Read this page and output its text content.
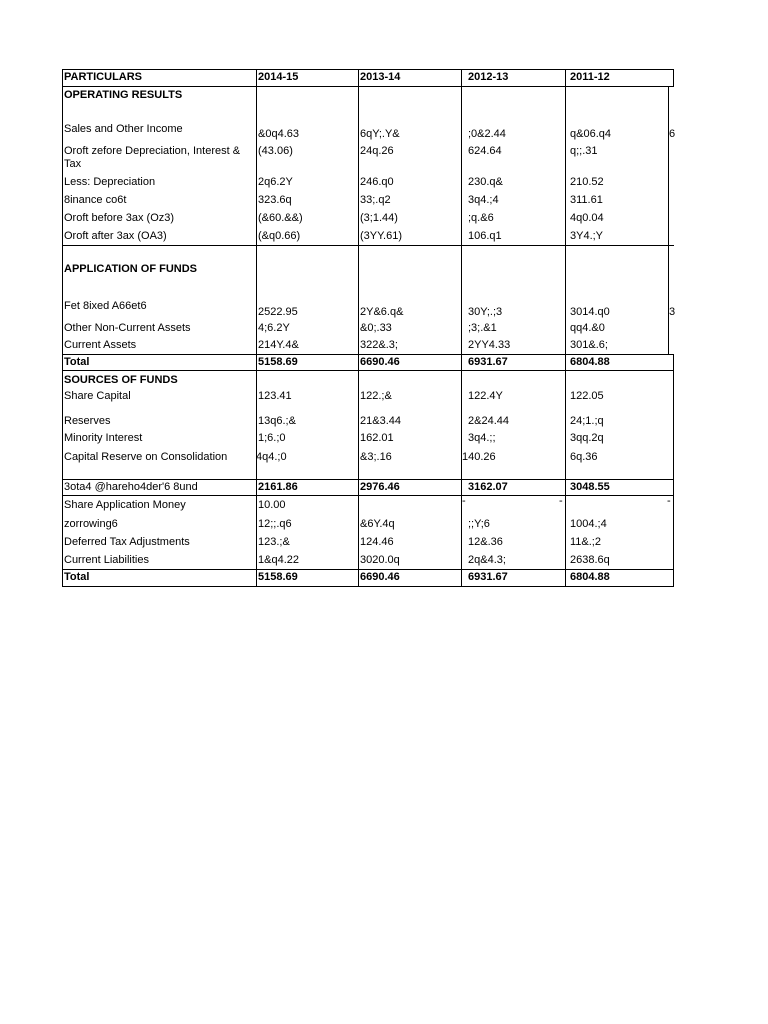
PARTICULARS	2014-15	2013-14	2012-13	2011-12
OPERATING RESULTS
Sales and Other Income	&0q4.63	6qY;.Y&	;0&2.44	q&06.q4	6
Oroft zefore Depreciation, Interest & Tax
(43.06)	24q.26	624.64	q;;.31
Less: Depreciation	2q6.2Y	246.q0	230.q&	210.52
8inance co6t	323.6q	33;.q2	3q4.;4	311.61
Oroft before 3ax (Oz3)	(&60.&&)	(3;1.44)	;q.&6	4q0.04
Oroft after 3ax (OA3)	(&q0.66)	(3YY.61)	106.q1	3Y4.;Y
APPLICATION OF FUNDS
Fet 8ixed A66et6	2522.95	2Y&6.q&	30Y;.;3	3014.q0	3
Other Non-Current Assets	4;6.2Y	&0;.33	;3;.&1	qq4.&0
Current Assets	214Y.4&	322&.3;	2YY4.33	301&.6;
Total	5158.69	6690.46	6931.67	6804.88
SOURCES OF FUNDS
Share Capital	123.41	122.;&	122.4Y	122.05
Reserves	13q6.;&	21&3.44	2&24.44	24;1.;q
Minority Interest	1;6.;0	162.01	3q4.;;	3qq.2q
Capital Reserve on Consolidation	4q4.;0	&3;.16	140.26	6q.36
3ota4 @hareho4der'6 8und	2161.86	2976.46	3162.07	3048.55
Share Application Money	10.00	-	-	-
zorrowing6	12;;.q6	&6Y.4q	;;Y;6	1004.;4
Deferred Tax Adjustments	123.;&	124.46	12&.36	11&.;2
Current Liabilities	1&q4.22	3020.0q	2q&4.3;	2638.6q
Total	5158.69	6690.46	6931.67	6804.88
